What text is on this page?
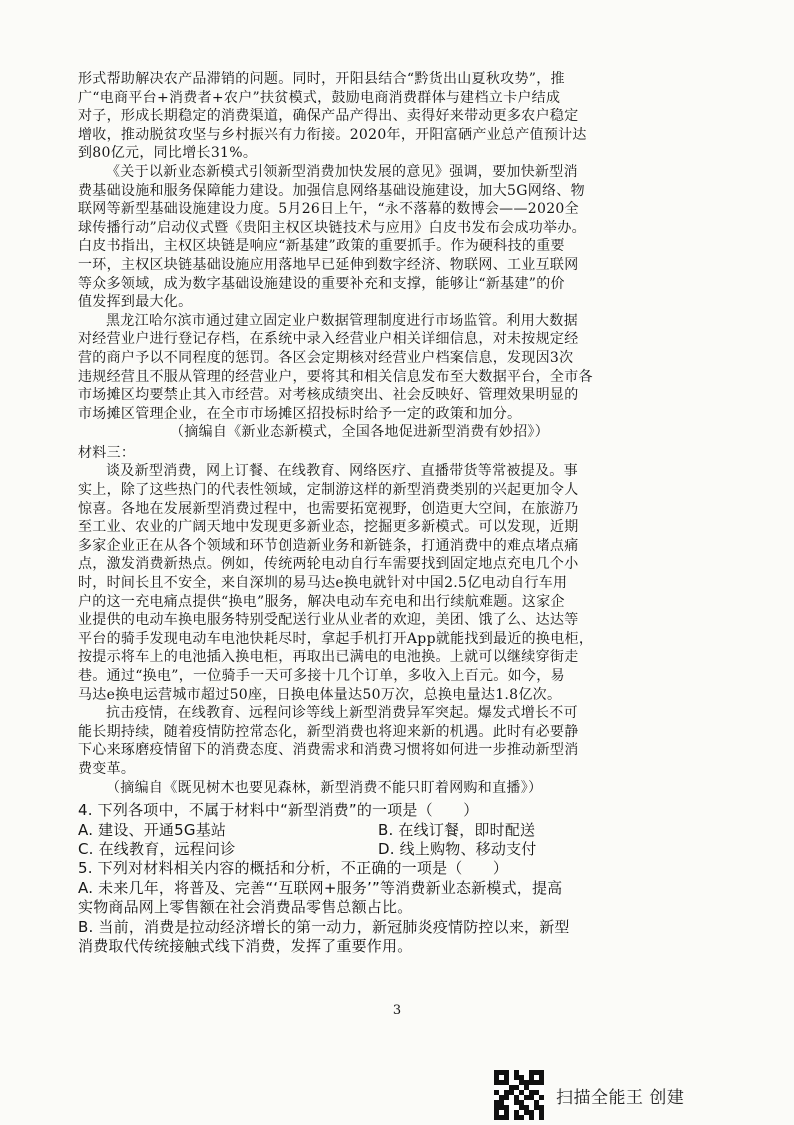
形式帮助解决农产品滞销的问题。同时，开阳县结合“黔货出山夏秋攻势”，推
广“电商平台+消费者+农户”扶贫模式，鼓励电商消费群体与建档立卡户结成
对子，形成长期稳定的消费渠道，确保产品产得出、卖得好来带动更多农户稳定
增收，推动脱贫攻坚与乡村振兴有力衔接。2020年，开阳富硒产业总产值预计达
到80亿元，同比增长31%。
《关于以新业态新模式引领新型消费加快发展的意见》强调，要加快新型消
费基础设施和服务保障能力建设。加强信息网络基础设施建设，加大5G网络、物
联网等新型基础设施建设力度。5月26日上午，“永不落幕的数博会——2020全
球传播行动”启动仪式暨《贵阳主权区块链技术与应用》白皮书发布会成功举办。
白皮书指出，主权区块链是响应“新基建”政策的重要抓手。作为硬科技的重要
一环，主权区块链基础设施应用落地早已延伸到数字经济、物联网、工业互联网
等众多领域，成为数字基础设施建设的重要补充和支撑，能够让“新基建”的价
值发挥到最大化。
黑龙江哈尔滨市通过建立固定业户数据管理制度进行市场监管。利用大数据
对经营业户进行登记存档，在系统中录入经营业户相关详细信息，对未按规定经
营的商户予以不同程度的惩罚。各区会定期核对经营业户档案信息，发现因3次
违规经营且不服从管理的经营业户，要将其和相关信息发布至大数据平台，全市各
市场摊区均要禁止其入市经营。对考核成绩突出、社会反映好、管理效果明显的
市场摊区管理企业，在全市市场摊区招投标时给予一定的政策和加分。
（摘编自《新业态新模式，全国各地促进新型消费有妙招》）
材料三：
谈及新型消费，网上订餐、在线教育、网络医疗、直播带货等常被提及。事
实上，除了这些热门的代表性领域，定制游这样的新型消费类别的兴起更加令人
惊喜。各地在发展新型消费过程中，也需要拓宽视野，创造更大空间，在旅游乃
至工业、农业的广阔天地中发现更多新业态，挖掘更多新模式。可以发现，近期
多家企业正在从各个领域和环节创造新业务和新链条，打通消费中的难点堵点痛
点，激发消费新热点。例如，传统两轮电动自行车需要找到固定地点充电几个小
时，时间长且不安全，来自深圳的易马达e换电就针对中国2.5亿电动自行车用
户的这一充电痛点提供“换电”服务，解决电动车充电和出行续航难题。这家企
业提供的电动车换电服务特别受配送行业从业者的欢迎，美团、饿了么、达达等
平台的骑手发现电动车电池快耗尽时，拿起手机打开App就能找到最近的换电柜，
按提示将车上的电池插入换电柜，再取出已满电的电池换。上就可以继续穿街走
巷。通过“换电”，一位骑手一天可多接十几个订单，多收入上百元。如今，易
马达e换电运营城市超过50座，日换电体量达50万次，总换电量达1.8亿次。
抗击疫情，在线教育、远程问诊等线上新型消费异军突起。爆发式增长不可
能长期持续，随着疫情防控常态化，新型消费也将迎来新的机遇。此时有必要静
下心来琢磨疫情留下的消费态度、消费需求和消费习惯将如何进一步推动新型消
费变革。
（摘编自《既见树木也要见森林，新型消费不能只盯着网购和直播》）
4. 下列各项中，不属于材料中“新型消费”的一项是（　　）
A. 建设、开通5G基站	B. 在线订餐，即时配送
C. 在线教育，远程问诊	D. 线上购物、移动支付
5. 下列对材料相关内容的概括和分析，不正确的一项是（　　）
A. 未来几年，将普及、完善“‘互联网+服务’”等消费新业态新模式，提高
实物商品网上零售额在社会消费品零售总额占比。
B. 当前，消费是拉动经济增长的第一动力，新冠肺炎疫情防控以来，新型
消费取代传统接触式线下消费，发挥了重要作用。
3
扫描全能王 创建
